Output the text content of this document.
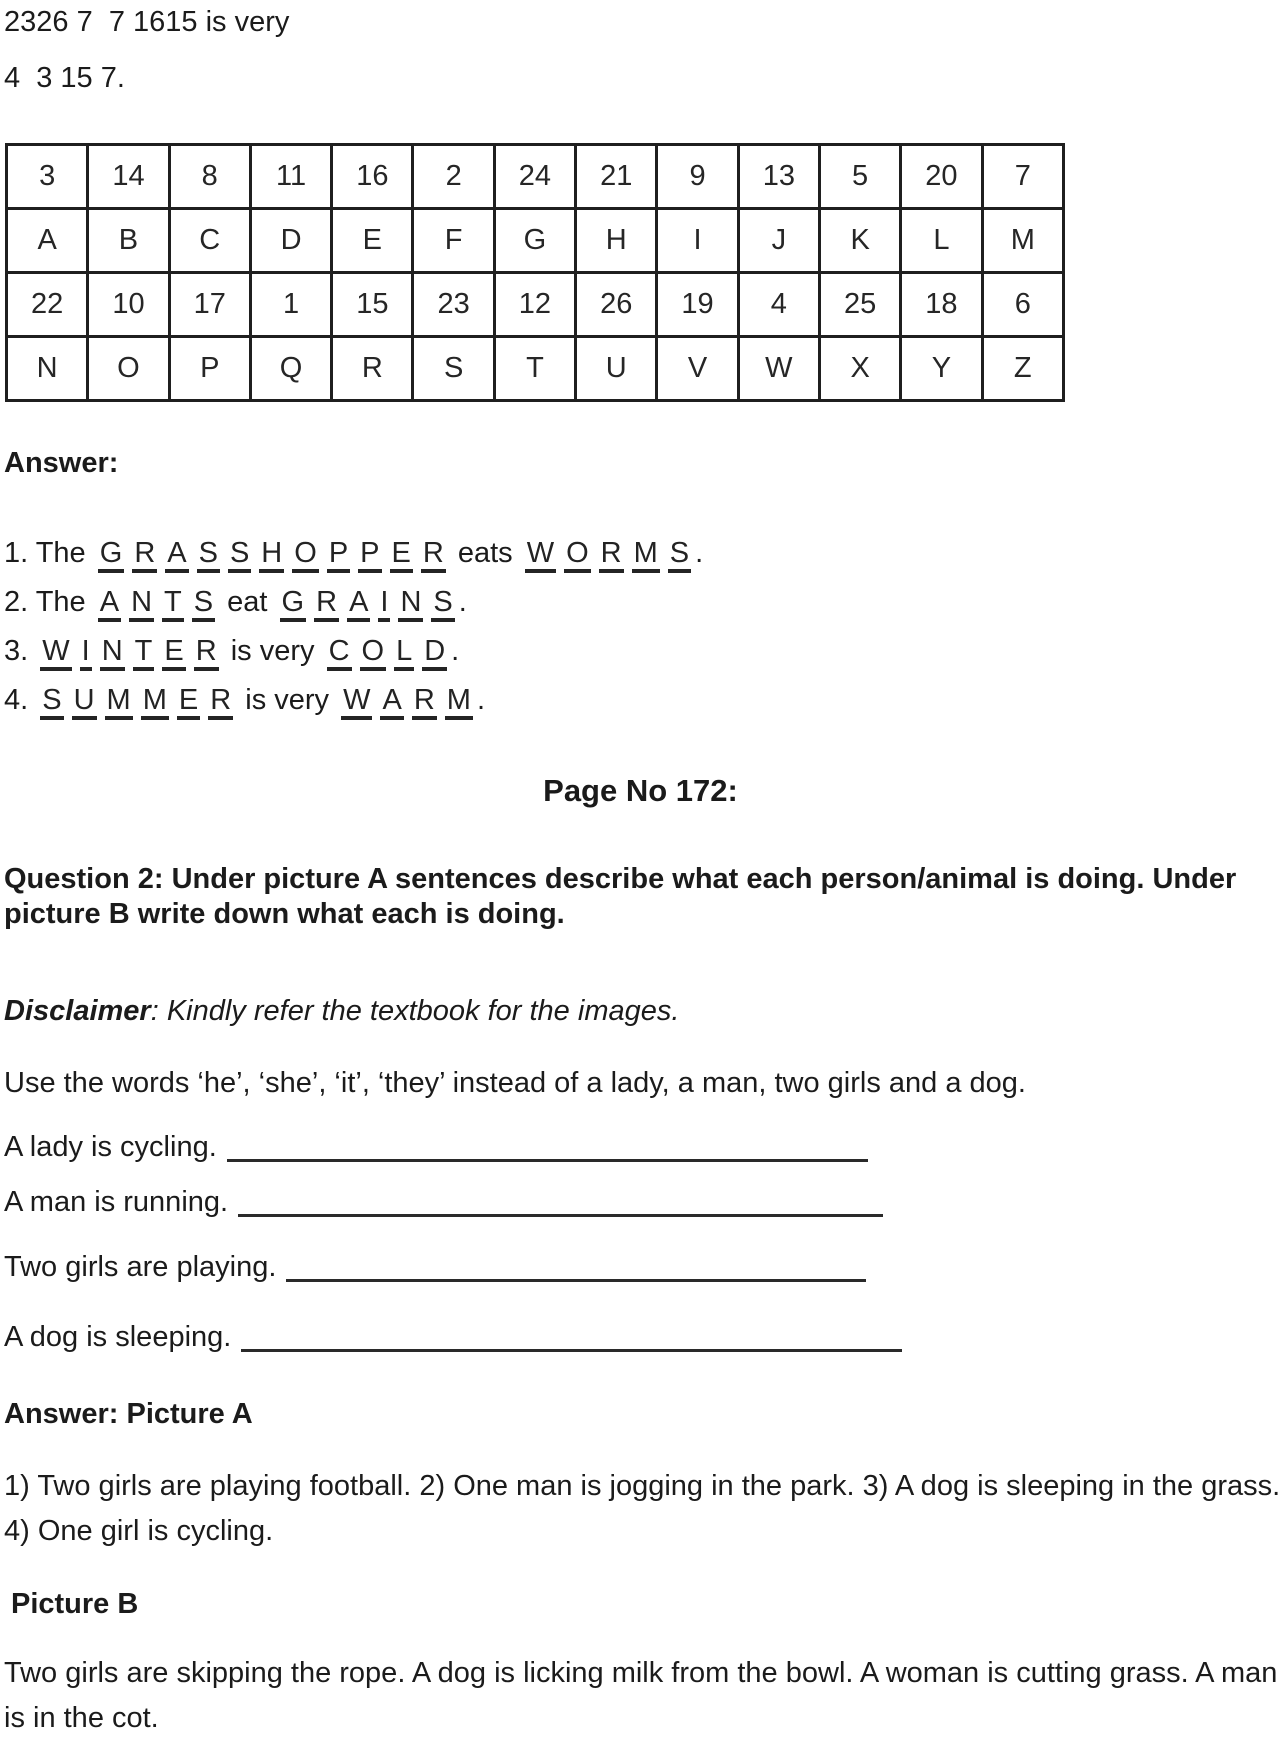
2326 7  7 1615 is very

4  3 15 7.

3	14	8	11	16	2	24	21	9	13	5	20	7
A	B	C	D	E	F	G	H	I	J	K	L	M
22	10	17	1	15	23	12	26	19	4	25	18	6
N	O	P	Q	R	S	T	U	V	W	X	Y	Z

Answer:

1. The G R A S S H O P P E R eats W O R M S .
2. The A N T S eat G R A I N S .
3. W I N T E R is very C O L D .
4. S U M M E R is very W A R M .
Page No 172:

Question 2: Under picture A sentences describe what each person/animal is doing. Under picture B write down what each is doing.

Disclaimer: Kindly refer the textbook for the images.

Use the words ‘he’, ‘she’, ‘it’, ‘they’ instead of a lady, a man, two girls and a dog.

A lady is cycling.
A man is running.
Two girls are playing.
A dog is sleeping.

Answer: Picture A

1) Two girls are playing football. 2) One man is jogging in the park. 3) A dog is sleeping in the grass. 4) One girl is cycling.

Picture B

Two girls are skipping the rope. A dog is licking milk from the bowl. A woman is cutting grass. A man is in the cot.
